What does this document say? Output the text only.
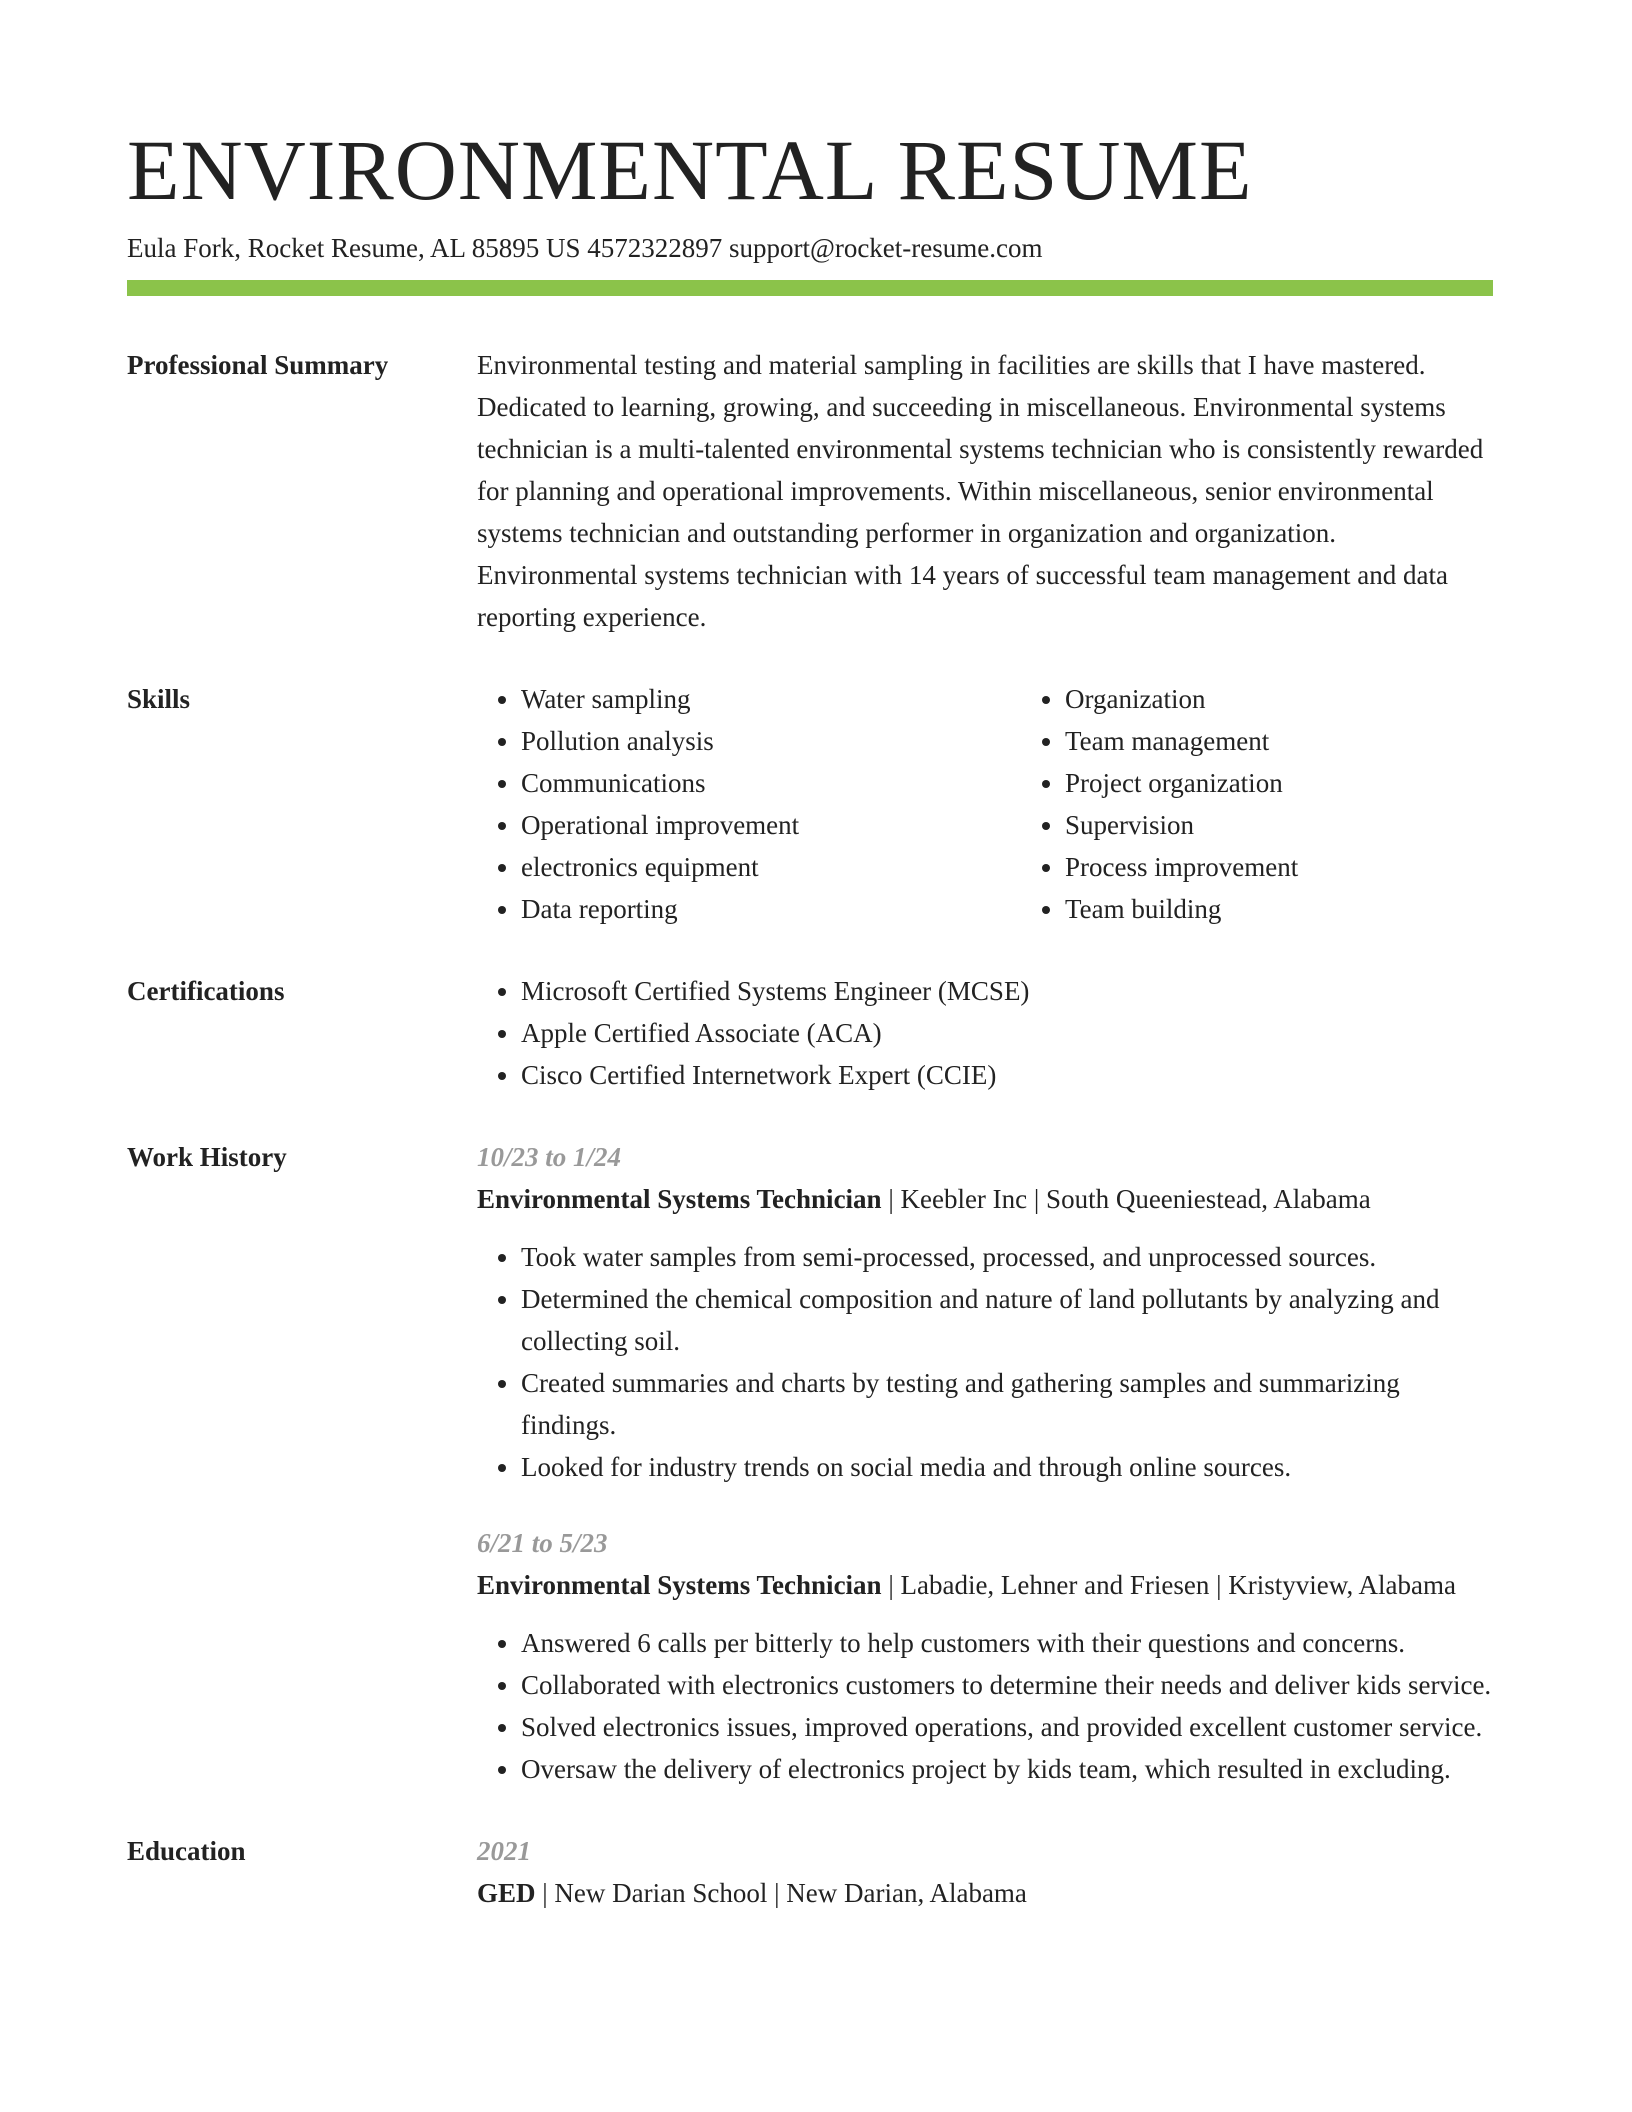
ENVIRONMENTAL RESUME
Eula Fork, Rocket Resume, AL 85895 US 4572322897 support@rocket-resume.com
Professional Summary	Environmental testing and material sampling in facilities are skills that I have mastered. Dedicated to learning, growing, and succeeding in miscellaneous. Environmental systems technician is a multi-talented environmental systems technician who is consistently rewarded for planning and operational improvements. Within miscellaneous, senior environmental systems technician and outstanding performer in organization and organization. Environmental systems technician with 14 years of successful team management and data reporting experience.

Skills	• Water sampling
• Pollution analysis
• Communications
• Operational improvement
• electronics equipment
• Data reporting
• Organization
• Team management
• Project organization
• Supervision
• Process improvement
• Team building
Certifications	• Microsoft Certified Systems Engineer (MCSE)
• Apple Certified Associate (ACA)
• Cisco Certified Internetwork Expert (CCIE)
Work History	10/23 to 1/24
Environmental Systems Technician | Keebler Inc | South Queeniestead, Alabama
• Took water samples from semi-processed, processed, and unprocessed sources.
• Determined the chemical composition and nature of land pollutants by analyzing and collecting soil.
• Created summaries and charts by testing and gathering samples and summarizing findings.
• Looked for industry trends on social media and through online sources.
6/21 to 5/23
Environmental Systems Technician | Labadie, Lehner and Friesen | Kristyview, Alabama
• Answered 6 calls per bitterly to help customers with their questions and concerns.
• Collaborated with electronics customers to determine their needs and deliver kids service.
• Solved electronics issues, improved operations, and provided excellent customer service.
• Oversaw the delivery of electronics project by kids team, which resulted in excluding.
Education	2021
GED | New Darian School | New Darian, Alabama
